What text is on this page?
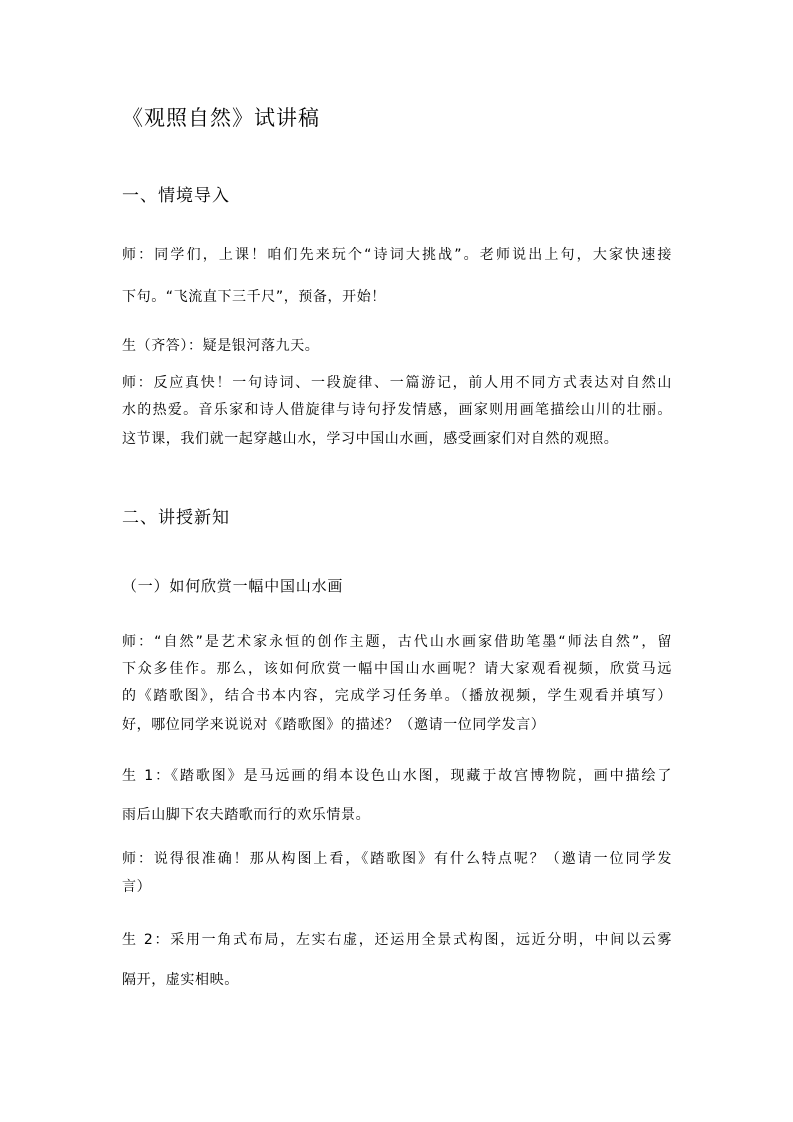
《观照自然》试讲稿
一、情境导入
师：同学们，上课！咱们先来玩个“诗词大挑战”。老师说出上句，大家快速接
下句。“飞流直下三千尺”，预备，开始！
生（齐答）：疑是银河落九天。
师：反应真快！一句诗词、一段旋律、一篇游记，前人用不同方式表达对自然山
水的热爱。音乐家和诗人借旋律与诗句抒发情感，画家则用画笔描绘山川的壮丽。
这节课，我们就一起穿越山水，学习中国山水画，感受画家们对自然的观照。
二、讲授新知
（一）如何欣赏一幅中国山水画
师：“自然”是艺术家永恒的创作主题，古代山水画家借助笔墨“师法自然”，留
下众多佳作。那么，该如何欣赏一幅中国山水画呢？请大家观看视频，欣赏马远
的《踏歌图》，结合书本内容，完成学习任务单。（播放视频，学生观看并填写）
好，哪位同学来说说对《踏歌图》的描述？（邀请一位同学发言）
生 1：《踏歌图》是马远画的绢本设色山水图，现藏于故宫博物院，画中描绘了
雨后山脚下农夫踏歌而行的欢乐情景。
师：说得很准确！那从构图上看，《踏歌图》有什么特点呢？（邀请一位同学发
言）
生 2：采用一角式布局，左实右虚，还运用全景式构图，远近分明，中间以云雾
隔开，虚实相映。
